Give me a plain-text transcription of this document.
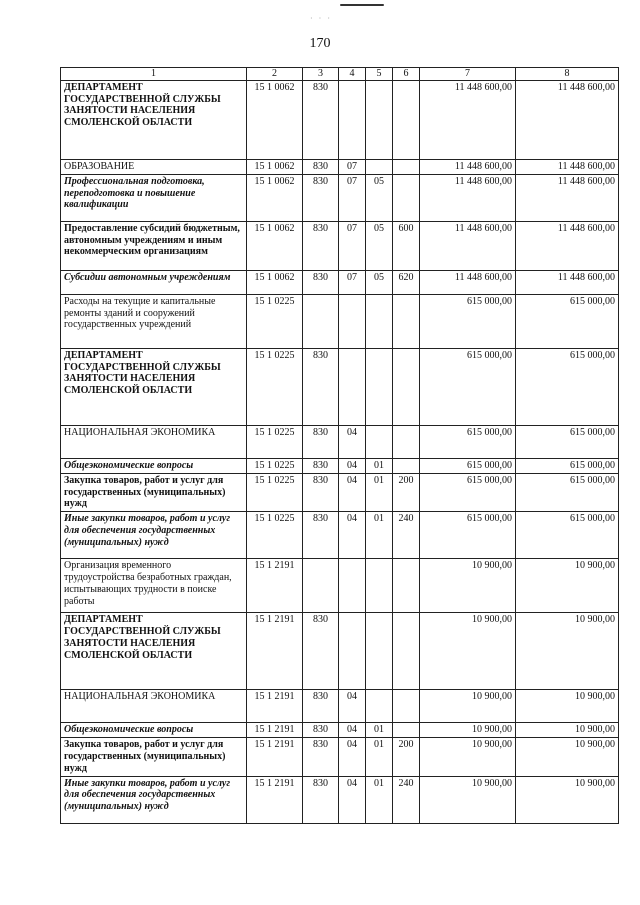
· · ·
170
1	2	3	4	5	6	7	8
ДЕПАРТАМЕНТ ГОСУДАРСТВЕННОЙ СЛУЖБЫ ЗАНЯТОСТИ НАСЕЛЕНИЯ СМОЛЕНСКОЙ ОБЛАСТИ	15 1 0062	830				11 448 600,00	11 448 600,00
ОБРАЗОВАНИЕ	15 1 0062	830	07			11 448 600,00	11 448 600,00
Профессиональная подготовка, переподготовка и повышение квалификации	15 1 0062	830	07	05		11 448 600,00	11 448 600,00
Предоставление субсидий бюджетным, автономным учреждениям и иным некоммерческим организациям	15 1 0062	830	07	05	600	11 448 600,00	11 448 600,00
Субсидии автономным учреждениям	15 1 0062	830	07	05	620	11 448 600,00	11 448 600,00
Расходы на текущие и капитальные ремонты зданий и сооружений государственных учреждений	15 1 0225					615 000,00	615 000,00
ДЕПАРТАМЕНТ ГОСУДАРСТВЕННОЙ СЛУЖБЫ ЗАНЯТОСТИ НАСЕЛЕНИЯ СМОЛЕНСКОЙ ОБЛАСТИ	15 1 0225	830				615 000,00	615 000,00
НАЦИОНАЛЬНАЯ ЭКОНОМИКА	15 1 0225	830	04			615 000,00	615 000,00
Общеэкономические вопросы	15 1 0225	830	04	01		615 000,00	615 000,00
Закупка товаров, работ и услуг для государственных (муниципальных) нужд	15 1 0225	830	04	01	200	615 000,00	615 000,00
Иные закупки товаров, работ и услуг для обеспечения государственных (муниципальных) нужд	15 1 0225	830	04	01	240	615 000,00	615 000,00
Организация временного трудоустройства безработных граждан, испытывающих трудности в поиске работы	15 1 2191					10 900,00	10 900,00
ДЕПАРТАМЕНТ ГОСУДАРСТВЕННОЙ СЛУЖБЫ ЗАНЯТОСТИ НАСЕЛЕНИЯ СМОЛЕНСКОЙ ОБЛАСТИ	15 1 2191	830				10 900,00	10 900,00
НАЦИОНАЛЬНАЯ ЭКОНОМИКА	15 1 2191	830	04			10 900,00	10 900,00
Общеэкономические вопросы	15 1 2191	830	04	01		10 900,00	10 900,00
Закупка товаров, работ и услуг для государственных (муниципальных) нужд	15 1 2191	830	04	01	200	10 900,00	10 900,00
Иные закупки товаров, работ и услуг для обеспечения государственных (муниципальных) нужд	15 1 2191	830	04	01	240	10 900,00	10 900,00
